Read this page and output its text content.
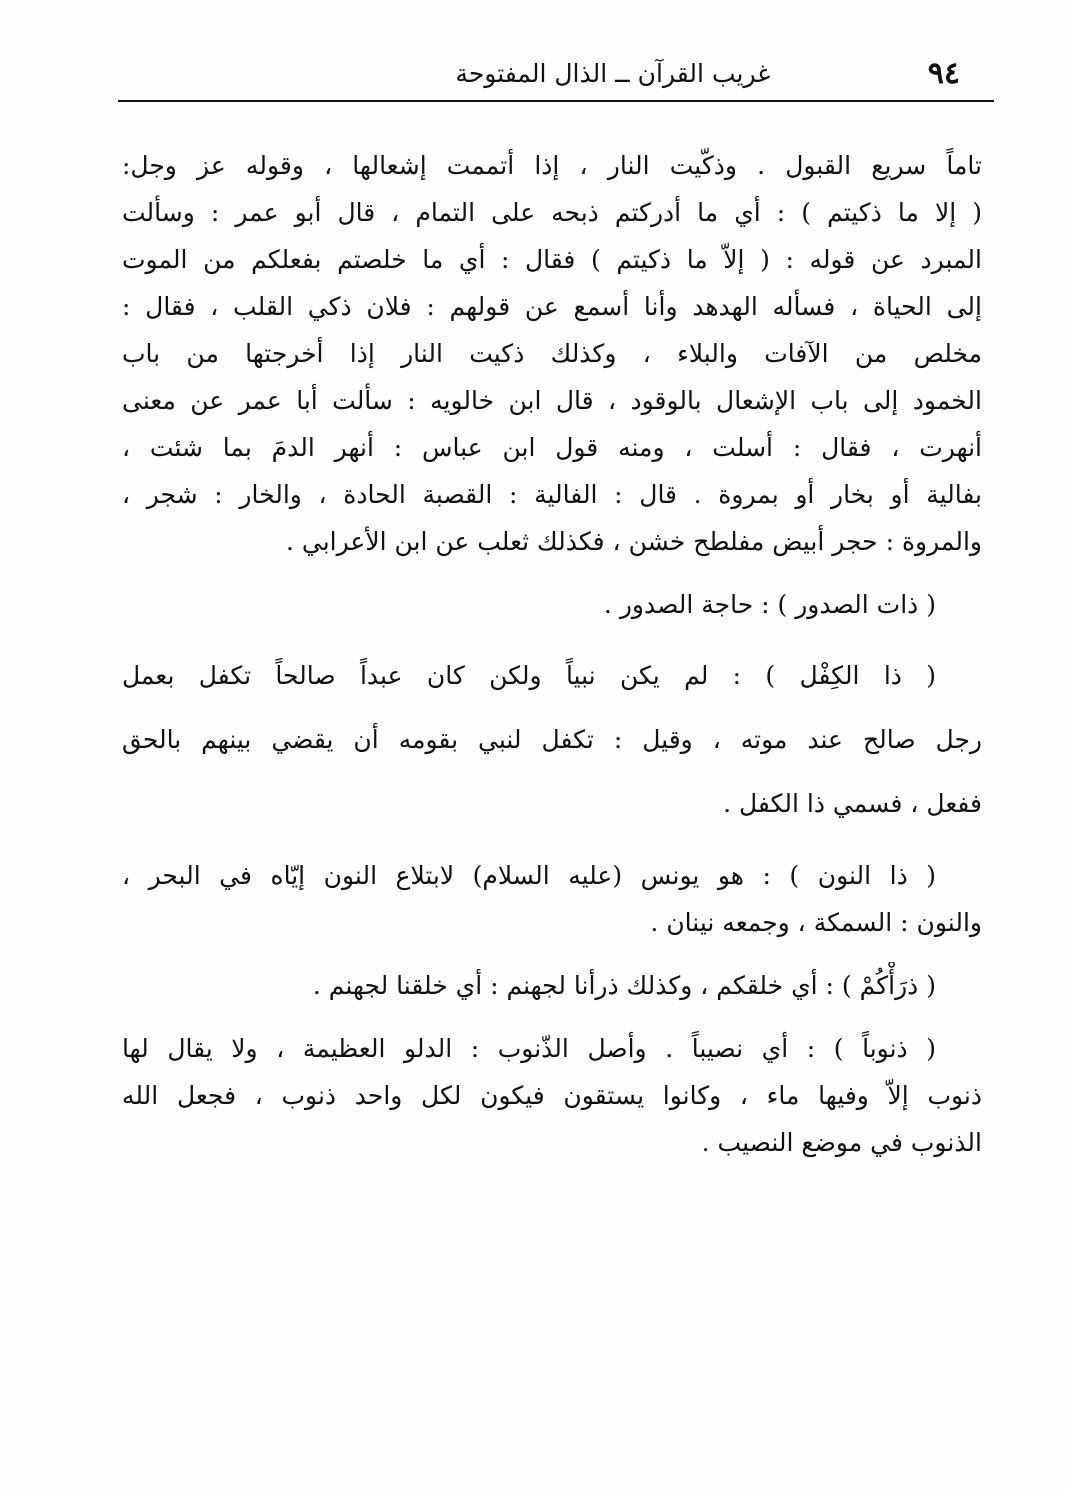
٩٤
غريب القرآن ــ الذال المفتوحة
تاماً سريع القبول . وذكّيت النار ، إذا أتممت إشعالها ، وقوله عز وجل:
( إلا ما ذكيتم ) : أي ما أدركتم ذبحه على التمام ، قال أبو عمر : وسألت
المبرد عن قوله : ( إلاّ ما ذكيتم ) فقال : أي ما خلصتم بفعلكم من الموت
إلى الحياة ، فسأله الهدهد وأنا أسمع عن قولهم : فلان ذكي القلب ، فقال :
مخلص من الآفات والبلاء ، وكذلك ذكيت النار إذا أخرجتها من باب
الخمود إلى باب الإشعال بالوقود ، قال ابن خالويه : سألت أبا عمر عن معنى
أنهرت ، فقال : أسلت ، ومنه قول ابن عباس : أنهر الدمَ بما شئت ،
بفالية أو بخار أو بمروة . قال : الفالية : القصبة الحادة ، والخار : شجر ،
والمروة : حجر أبيض مفلطح خشن ، فكذلك ثعلب عن ابن الأعرابي .
( ذات الصدور ) : حاجة الصدور .
( ذا الكِفْل ) : لم يكن نبياً ولكن كان عبداً صالحاً تكفل بعمل
رجل صالح عند موته ، وقيل : تكفل لنبي بقومه أن يقضي بينهم بالحق
ففعل ، فسمي ذا الكفل .
( ذا النون ) : هو يونس (عليه السلام) لابتلاع النون إيّاه في البحر ،
والنون : السمكة ، وجمعه نينان .
( ذرَأْكُمْ ) : أي خلقكم ، وكذلك ذرأنا لجهنم : أي خلقنا لجهنم .
( ذنوباً ) : أي نصيباً . وأصل الذّنوب : الدلو العظيمة ، ولا يقال لها
ذنوب إلاّ وفيها ماء ، وكانوا يستقون فيكون لكل واحد ذنوب ، فجعل الله
الذنوب في موضع النصيب .
